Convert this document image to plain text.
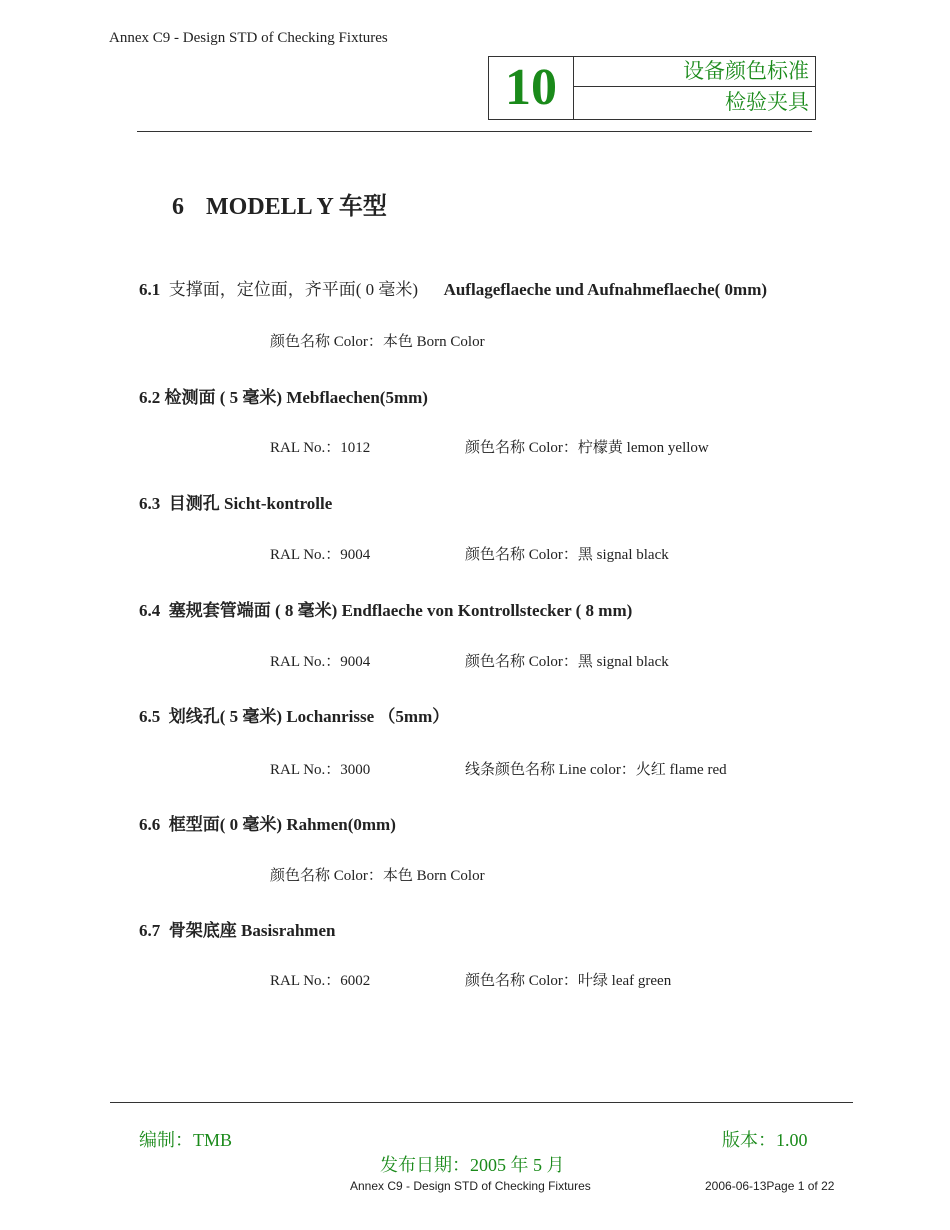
Annex C9 - Design STD of Checking Fixtures
10	设备颜色标准
检验夹具
6 MODELL Y 车型
6.1 支撑面，定位面，齐平面( 0 毫米) Auflageflaeche und Aufnahmeflaeche( 0mm)
颜色名称 Color：本色 Born Color
6.2 检测面 ( 5 毫米) Mebflaechen(5mm)
RAL No.：1012	颜色名称 Color：柠檬黄 lemon yellow
6.3 目测孔 Sicht-kontrolle
RAL No.：9004	颜色名称 Color：黑 signal black
6.4 塞规套管端面 ( 8 毫米) Endflaeche von Kontrollstecker ( 8 mm)
RAL No.：9004	颜色名称 Color：黑 signal black
6.5 划线孔( 5 毫米) Lochanrisse （5mm）
RAL No.：3000	线条颜色名称 Line color：火红 flame red
6.6 框型面( 0 毫米) Rahmen(0mm)
颜色名称 Color：本色 Born Color
6.7 骨架底座 Basisrahmen
RAL No.：6002	颜色名称 Color：叶绿 leaf green
编制：TMB	版本：1.00
发布日期：2005 年 5 月
Annex C9 - Design STD of Checking Fixtures	2006-06-13Page 1 of 22
